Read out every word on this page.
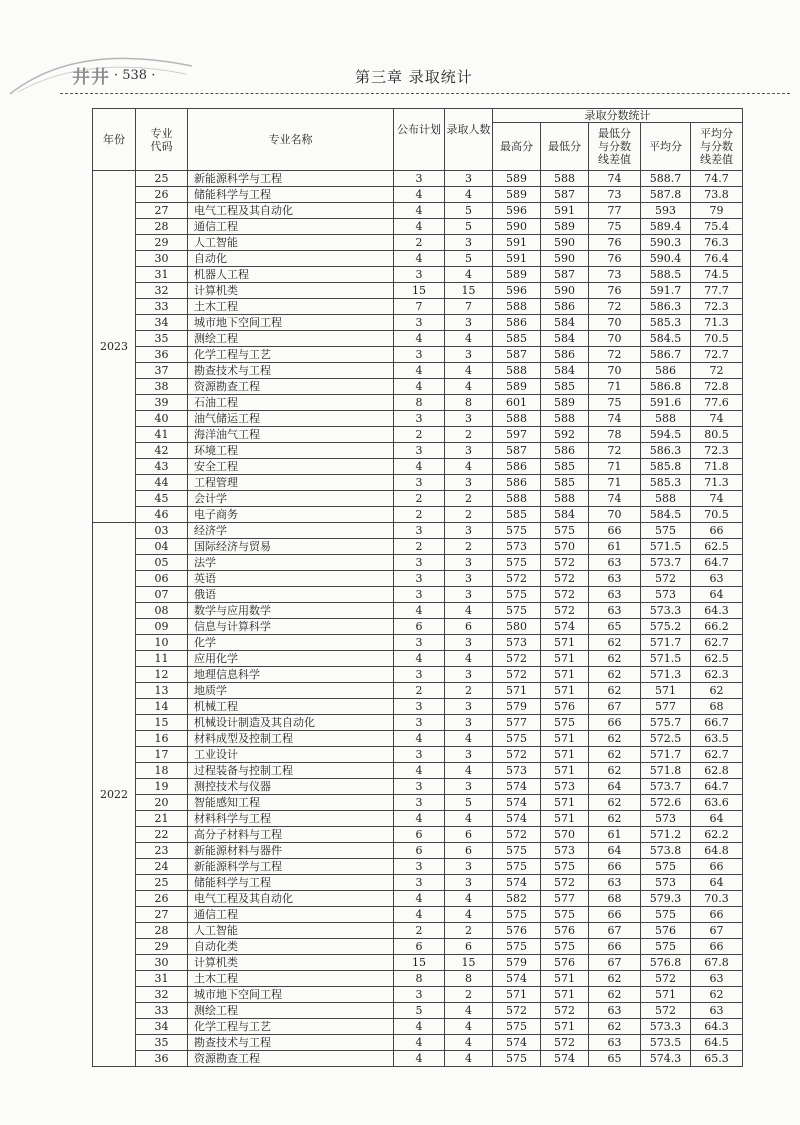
井井 · 538 ·	第三章 录取统计
年份	专业代码	专业名称	公布计划	录取人数	录取分数统计				
					最高分	最低分	最低分与分数线差值	平均分	平均分与分数线差值
2023	25	新能源科学与工程	3	3	589	588	74	588.7	74.7
	26	储能科学与工程	4	4	589	587	73	587.8	73.8
	27	电气工程及其自动化	4	5	596	591	77	593	79
	28	通信工程	4	5	590	589	75	589.4	75.4
	29	人工智能	2	3	591	590	76	590.3	76.3
	30	自动化	4	5	591	590	76	590.4	76.4
	31	机器人工程	3	4	589	587	73	588.5	74.5
	32	计算机类	15	15	596	590	76	591.7	77.7
	33	土木工程	7	7	588	586	72	586.3	72.3
	34	城市地下空间工程	3	3	586	584	70	585.3	71.3
	35	测绘工程	4	4	585	584	70	584.5	70.5
	36	化学工程与工艺	3	3	587	586	72	586.7	72.7
	37	勘查技术与工程	4	4	588	584	70	586	72
	38	资源勘查工程	4	4	589	585	71	586.8	72.8
	39	石油工程	8	8	601	589	75	591.6	77.6
	40	油气储运工程	3	3	588	588	74	588	74
	41	海洋油气工程	2	2	597	592	78	594.5	80.5
	42	环境工程	3	3	587	586	72	586.3	72.3
	43	安全工程	4	4	586	585	71	585.8	71.8
	44	工程管理	3	3	586	585	71	585.3	71.3
	45	会计学	2	2	588	588	74	588	74
	46	电子商务	2	2	585	584	70	584.5	70.5
2022	03	经济学	3	3	575	575	66	575	66
	04	国际经济与贸易	2	2	573	570	61	571.5	62.5
	05	法学	3	3	575	572	63	573.7	64.7
	06	英语	3	3	572	572	63	572	63
	07	俄语	3	3	575	572	63	573	64
	08	数学与应用数学	4	4	575	572	63	573.3	64.3
	09	信息与计算科学	6	6	580	574	65	575.2	66.2
	10	化学	3	3	573	571	62	571.7	62.7
	11	应用化学	4	4	572	571	62	571.5	62.5
	12	地理信息科学	3	3	572	571	62	571.3	62.3
	13	地质学	2	2	571	571	62	571	62
	14	机械工程	3	3	579	576	67	577	68
	15	机械设计制造及其自动化	3	3	577	575	66	575.7	66.7
	16	材料成型及控制工程	4	4	575	571	62	572.5	63.5
	17	工业设计	3	3	572	571	62	571.7	62.7
	18	过程装备与控制工程	4	4	573	571	62	571.8	62.8
	19	测控技术与仪器	3	3	574	573	64	573.7	64.7
	20	智能感知工程	3	5	574	571	62	572.6	63.6
	21	材料科学与工程	4	4	574	571	62	573	64
	22	高分子材料与工程	6	6	572	570	61	571.2	62.2
	23	新能源材料与器件	6	6	575	573	64	573.8	64.8
	24	新能源科学与工程	3	3	575	575	66	575	66
	25	储能科学与工程	3	3	574	572	63	573	64
	26	电气工程及其自动化	4	4	582	577	68	579.3	70.3
	27	通信工程	4	4	575	575	66	575	66
	28	人工智能	2	2	576	576	67	576	67
	29	自动化类	6	6	575	575	66	575	66
	30	计算机类	15	15	579	576	67	576.8	67.8
	31	土木工程	8	8	574	571	62	572	63
	32	城市地下空间工程	3	2	571	571	62	571	62
	33	测绘工程	5	4	572	572	63	572	63
	34	化学工程与工艺	4	4	575	571	62	573.3	64.3
	35	勘查技术与工程	4	4	574	572	63	573.5	64.5
	36	资源勘查工程	4	4	575	574	65	574.3	65.3
